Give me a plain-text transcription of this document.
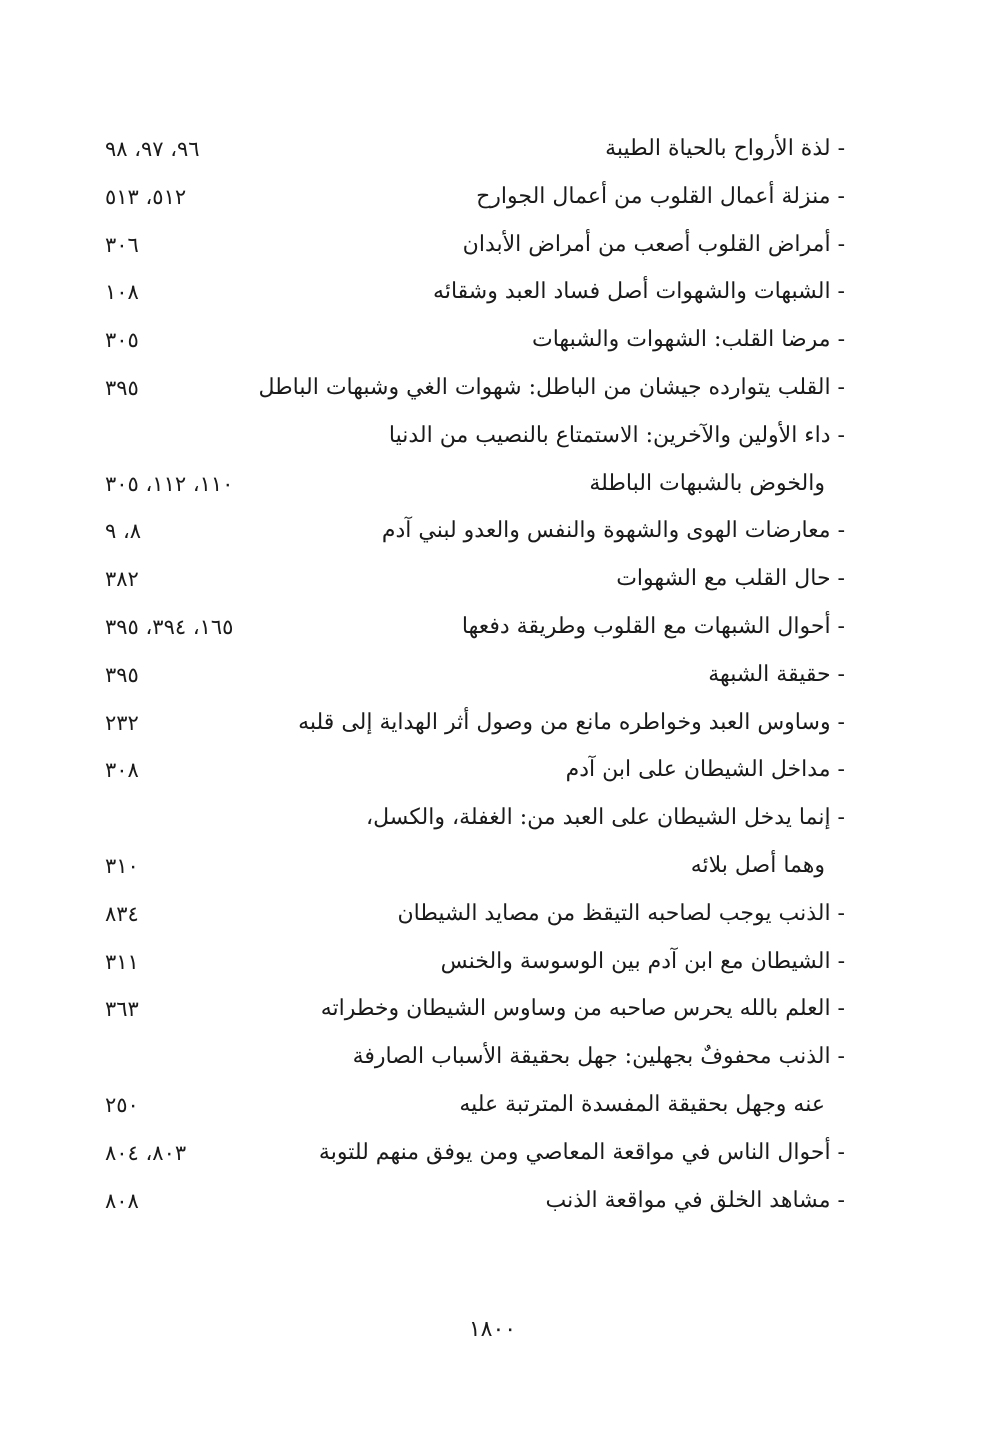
- لذة الأرواح بالحياة الطيبة
٩٦، ٩٧، ٩٨
- منزلة أعمال القلوب من أعمال الجوارح
٥١٢، ٥١٣
- أمراض القلوب أصعب من أمراض الأبدان
٣٠٦
- الشبهات والشهوات أصل فساد العبد وشقائه
١٠٨
- مرضا القلب: الشهوات والشبهات
٣٠٥
- القلب يتوارده جيشان من الباطل: شهوات الغي وشبهات الباطل
٣٩٥
- داء الأولين والآخرين: الاستمتاع بالنصيب من الدنيا
والخوض بالشبهات الباطلة
١١٠، ١١٢، ٣٠٥
- معارضات الهوى والشهوة والنفس والعدو لبني آدم
٨، ٩
- حال القلب مع الشهوات
٣٨٢
- أحوال الشبهات مع القلوب وطريقة دفعها
١٦٥، ٣٩٤، ٣٩٥
- حقيقة الشبهة
٣٩٥
- وساوس العبد وخواطره مانع من وصول أثر الهداية إلى قلبه
٢٣٢
- مداخل الشيطان على ابن آدم
٣٠٨
- إنما يدخل الشيطان على العبد من: الغفلة، والكسل،
وهما أصل بلائه
٣١٠
- الذنب يوجب لصاحبه التيقظ من مصايد الشيطان
٨٣٤
- الشيطان مع ابن آدم بين الوسوسة والخنس
٣١١
- العلم بالله يحرس صاحبه من وساوس الشيطان وخطراته
٣٦٣
- الذنب محفوفٌ بجهلين: جهل بحقيقة الأسباب الصارفة
عنه وجهل بحقيقة المفسدة المترتبة عليه
٢٥٠
- أحوال الناس في مواقعة المعاصي ومن يوفق منهم للتوبة
٨٠٣، ٨٠٤
- مشاهد الخلق في مواقعة الذنب
٨٠٨
١٨٠٠
